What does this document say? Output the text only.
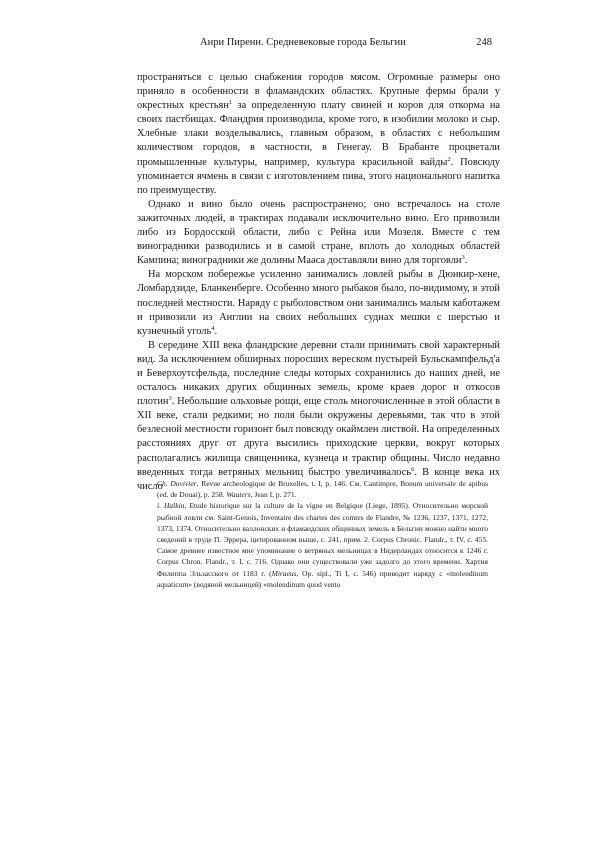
Анри Пиренн. Средневековые города Бельгии	248

пространяться с целью снабжения городов мясом. Огромные размеры оно приняло в особенности в фламандских областях. Крупные фермы брали у окрестных крестьян$^1$ за определенную плату свиней и коров для откорма на своих пастбищах. Фландрия производила, кроме того, в изобилии молоко и сыр. Хлебные злаки возделывались, главным образом, в областях с небольшим количеством городов, в частности, в Генегау. В Брабанте процветали промышленные культуры, например, культура красильной вайды$^2$. Повсюду упоминается ячмень в связи с изготовлением пива, этого национального напитка по преимуществу.

Однако и вино было очень распространено; оно встречалось на столе зажиточных людей, в трактирах подавали исключительно вино. Его привозили либо из Бордосской области, либо с Рейна или Мозеля. Вместе с тем виноградники разводились и в самой стране, вплоть до холодных областей Кампина; виноградники же долины Мааса доставляли вино для торговли$^3$.

На морском побережье усиленно занимались ловлей рыбы в Дюнкир-хене, Ломбардзиде, Бланкенберге. Особенно много рыбаков было, по-видимому, в этой последней местности. Наряду с рыболовством они занимались малым каботажем и привозили из Англии на своих небольших суднах мешки с шерстью и кузнечный уголь$^4$.

В середине XIII века фландрские деревни стали принимать свой характерный вид. За исключением обширных поросших вереском пустырей Бульскампфельд'а и Беверхоутсфельда, последние следы которых сохранились до наших дней, не осталось никаких других общинных земель, кроме краев дорог и откосов плотин$^3$. Небольшие ольховые рощи, еще столь многочисленные в этой области в XII веке, стали редкими; но поля были окружены деревьями, так что в этой безлесной местности горизонт был повсюду окаймлен листвой. На определенных расстояниях друг от друга высились приходские церкви, вокруг которых располагались жилища священника, кузнеца и трактир общины. Число недавно введенных тогда ветряных мельниц быстро увеличивалось$^6$. В конце века их число

Ch. Duvivier, Revue archeologique de Bruxelles, t. I, p. 146. См. Cantimpre, Bonum universale de apibus (ed. de Douai), p. 258. Wauters, Jean I, p. 271.

i. Halkin, Etude historique sur la culture de la vigne en Belgique (Liege, 1895). Относительно морской рыбной ловли см. Saint-Genois, Inventaire des chartes des comtes de Flandre, № 1236, 1237, 1371, 1272, 1373, 1374. Относительно валлонских и фламандских общинных земель в Бельгии можно найти много сведений в труде П. Эррера, цитированном выше, с. 241, прим. 2. Corpus Chronic. Flandr., т. IV, с. 455. Самое древнее известное мне упоминание о ветряных мельницах в Нидерландах относится к 1246 г. Corpus Chron. Flandr., т. I, с. 716. Однако они существовали уже задолго до этого времени. Хартия Филиппа Эльзасского от 1183 г. (Miraeus, Op. sipl., Ti I, с. 546) приводит наряду с «molendinum aquaticum» (водяной мельницей) «molendinum quod vento
